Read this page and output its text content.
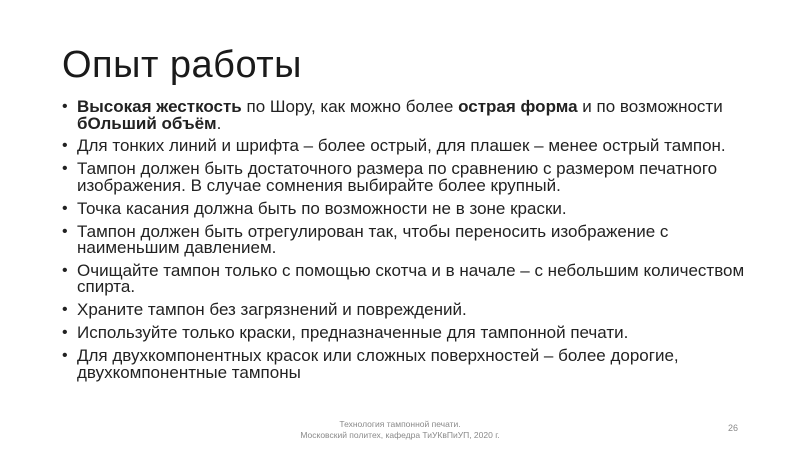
Опыт работы
• Высокая жесткость по Шору, как можно более острая форма и по возможности бОльший объём.
• Для тонких линий и шрифта – более острый, для плашек – менее острый тампон.
• Тампон должен быть достаточного размера по сравнению с размером печатного изображения. В случае сомнения выбирайте более крупный.
• Точка касания должна быть по возможности не в зоне краски.
• Тампон должен быть отрегулирован так, чтобы переносить изображение с наименьшим давлением.
• Очищайте тампон только с помощью скотча и в начале – с небольшим количеством спирта.
• Храните тампон без загрязнений и повреждений.
• Используйте только краски, предназначенные для тампонной печати.
• Для двухкомпонентных красок или сложных поверхностей – более дорогие, двухкомпонентные тампоны
Технология тампонной печати.
Московский политех, кафедра ТиУКвПиУП, 2020 г.
26
